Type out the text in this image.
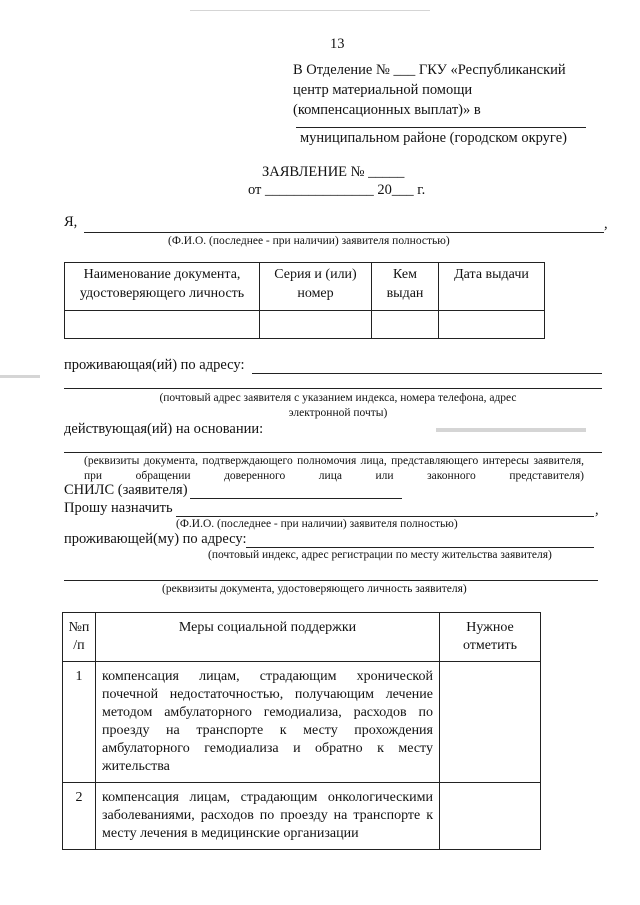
13
В Отделение № ___ ГКУ «Республиканский
центр материальной помощи
(компенсационных выплат)» в
муниципальном районе (городском округе)
ЗАЯВЛЕНИЕ № _____
от _______________ 20___ г.
Я,	,
(Ф.И.О. (последнее - при наличии) заявителя полностью)
Наименование документа, удостоверяющего личность	Серия и (или) номер	Кем выдан	Дата выдачи

проживающая(ий) по адресу:
(почтовый адрес заявителя с указанием индекса, номера телефона, адрес электронной почты)
действующая(ий) на основании:
(реквизиты документа, подтверждающего полномочия лица, представляющего интересы заявителя, при обращении доверенного лица или законного представителя)
СНИЛС (заявителя)
Прошу назначить	,
(Ф.И.О. (последнее - при наличии) заявителя полностью)
проживающей(му) по адресу:
(почтовый индекс, адрес регистрации по месту жительства заявителя)
(реквизиты документа, удостоверяющего личность заявителя)
№п /п	Меры социальной поддержки	Нужное отметить
1	компенсация лицам, страдающим хронической почечной недостаточностью, получающим лечение методом амбулаторного гемодиализа, расходов по проезду на транспорте к месту прохождения амбулаторного гемодиализа и обратно к месту жительства	
2	компенсация лицам, страдающим онкологическими заболеваниями, расходов по проезду на транспорте к месту лечения в медицинские организации	
